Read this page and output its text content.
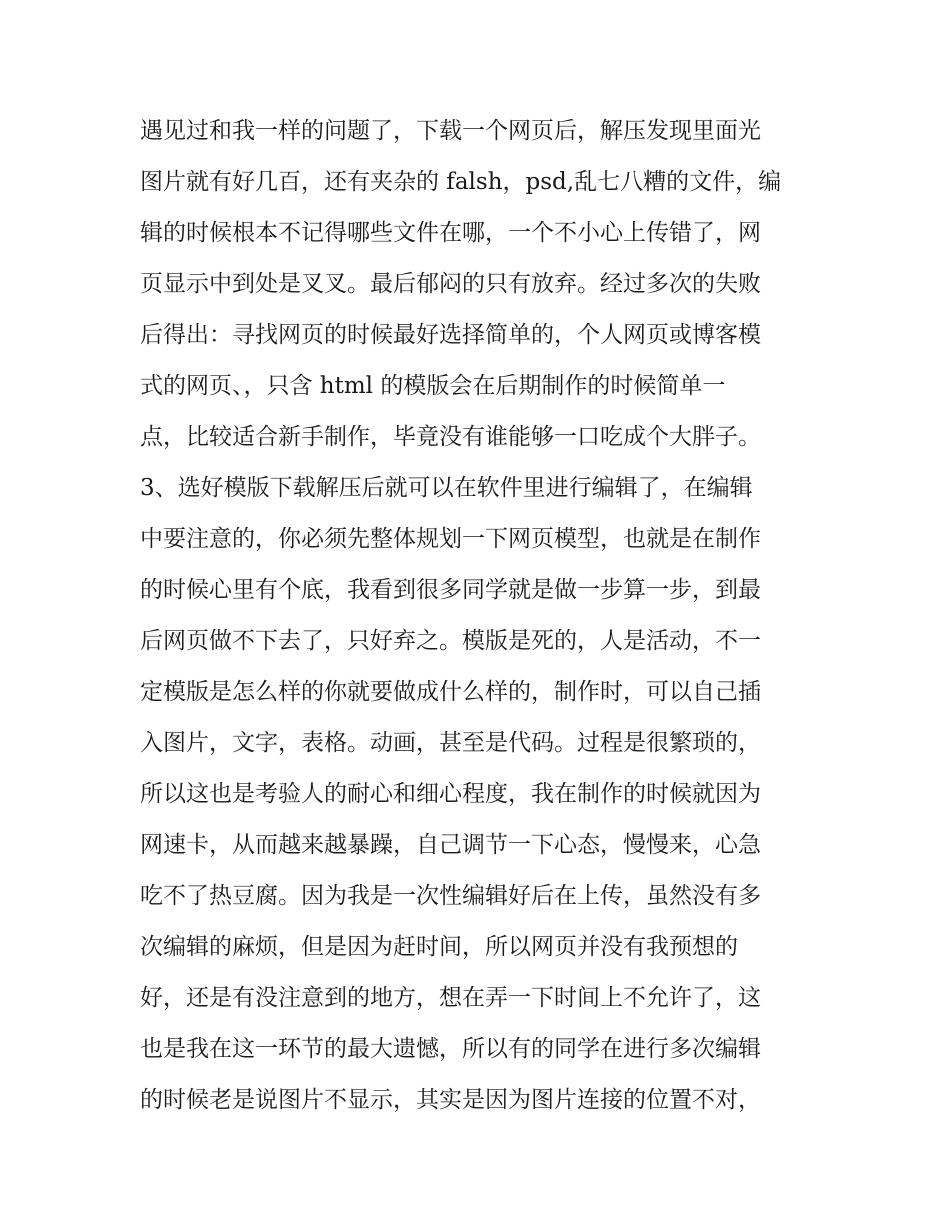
遇见过和我一样的问题了，下载一个网页后，解压发现里面光
图片就有好几百，还有夹杂的 falsh，psd,乱七八糟的文件，编
辑的时候根本不记得哪些文件在哪，一个不小心上传错了，网
页显示中到处是叉叉。最后郁闷的只有放弃。经过多次的失败
后得出：寻找网页的时候最好选择简单的，个人网页或博客模
式的网页、，只含 html 的模版会在后期制作的时候简单一
点，比较适合新手制作，毕竟没有谁能够一口吃成个大胖子。
3、选好模版下载解压后就可以在软件里进行编辑了，在编辑
中要注意的，你必须先整体规划一下网页模型，也就是在制作
的时候心里有个底，我看到很多同学就是做一步算一步，到最
后网页做不下去了，只好弃之。模版是死的，人是活动，不一
定模版是怎么样的你就要做成什么样的，制作时，可以自己插
入图片，文字，表格。动画，甚至是代码。过程是很繁琐的，
所以这也是考验人的耐心和细心程度，我在制作的时候就因为
网速卡，从而越来越暴躁，自己调节一下心态，慢慢来，心急
吃不了热豆腐。因为我是一次性编辑好后在上传，虽然没有多
次编辑的麻烦，但是因为赶时间，所以网页并没有我预想的
好，还是有没注意到的地方，想在弄一下时间上不允许了，这
也是我在这一环节的最大遗憾，所以有的同学在进行多次编辑
的时候老是说图片不显示，其实是因为图片连接的位置不对，
